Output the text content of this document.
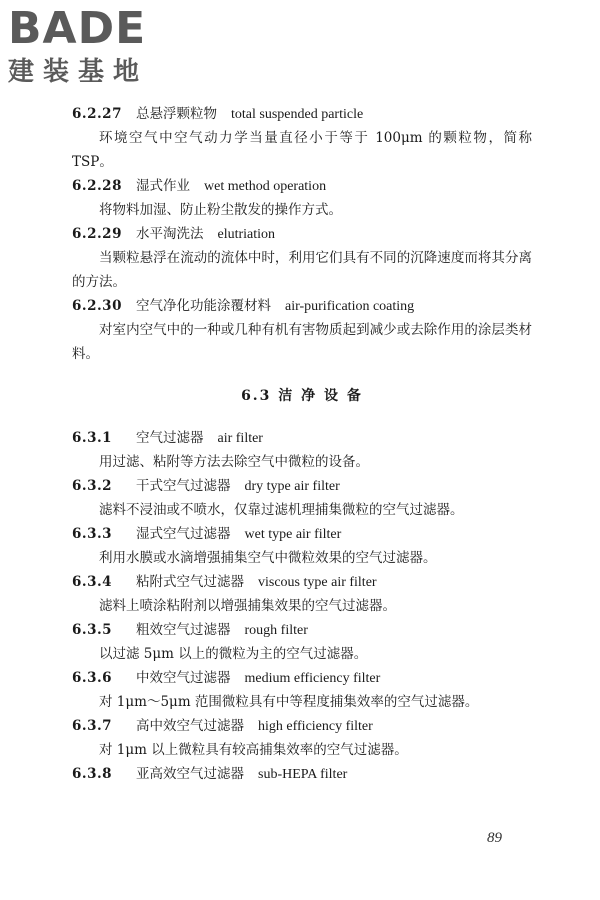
BADE
建装基地
6.2.27 总悬浮颗粒物 total suspended particle

环境空气中空气动力学当量直径小于等于 100μm 的颗粒物，简称 TSP。

6.2.28 湿式作业 wet method operation

将物料加湿、防止粉尘散发的操作方式。

6.2.29 水平淘洗法 elutriation

当颗粒悬浮在流动的流体中时，利用它们具有不同的沉降速度而将其分离的方法。

6.2.30 空气净化功能涂覆材料 air-purification coating

对室内空气中的一种或几种有机有害物质起到减少或去除作用的涂层类材料。

6.3 洁 净 设 备
6.3.1 空气过滤器 air filter

用过滤、粘附等方法去除空气中微粒的设备。

6.3.2 干式空气过滤器 dry type air filter

滤料不浸油或不喷水，仅靠过滤机理捕集微粒的空气过滤器。

6.3.3 湿式空气过滤器 wet type air filter

利用水膜或水滴增强捕集空气中微粒效果的空气过滤器。

6.3.4 粘附式空气过滤器 viscous type air filter

滤料上喷涂粘附剂以增强捕集效果的空气过滤器。

6.3.5 粗效空气过滤器 rough filter

以过滤 5μm 以上的微粒为主的空气过滤器。

6.3.6 中效空气过滤器 medium efficiency filter

对 1μm～5μm 范围微粒具有中等程度捕集效率的空气过滤器。

6.3.7 高中效空气过滤器 high efficiency filter

对 1μm 以上微粒具有较高捕集效率的空气过滤器。

6.3.8 亚高效空气过滤器 sub-HEPA filter
89
